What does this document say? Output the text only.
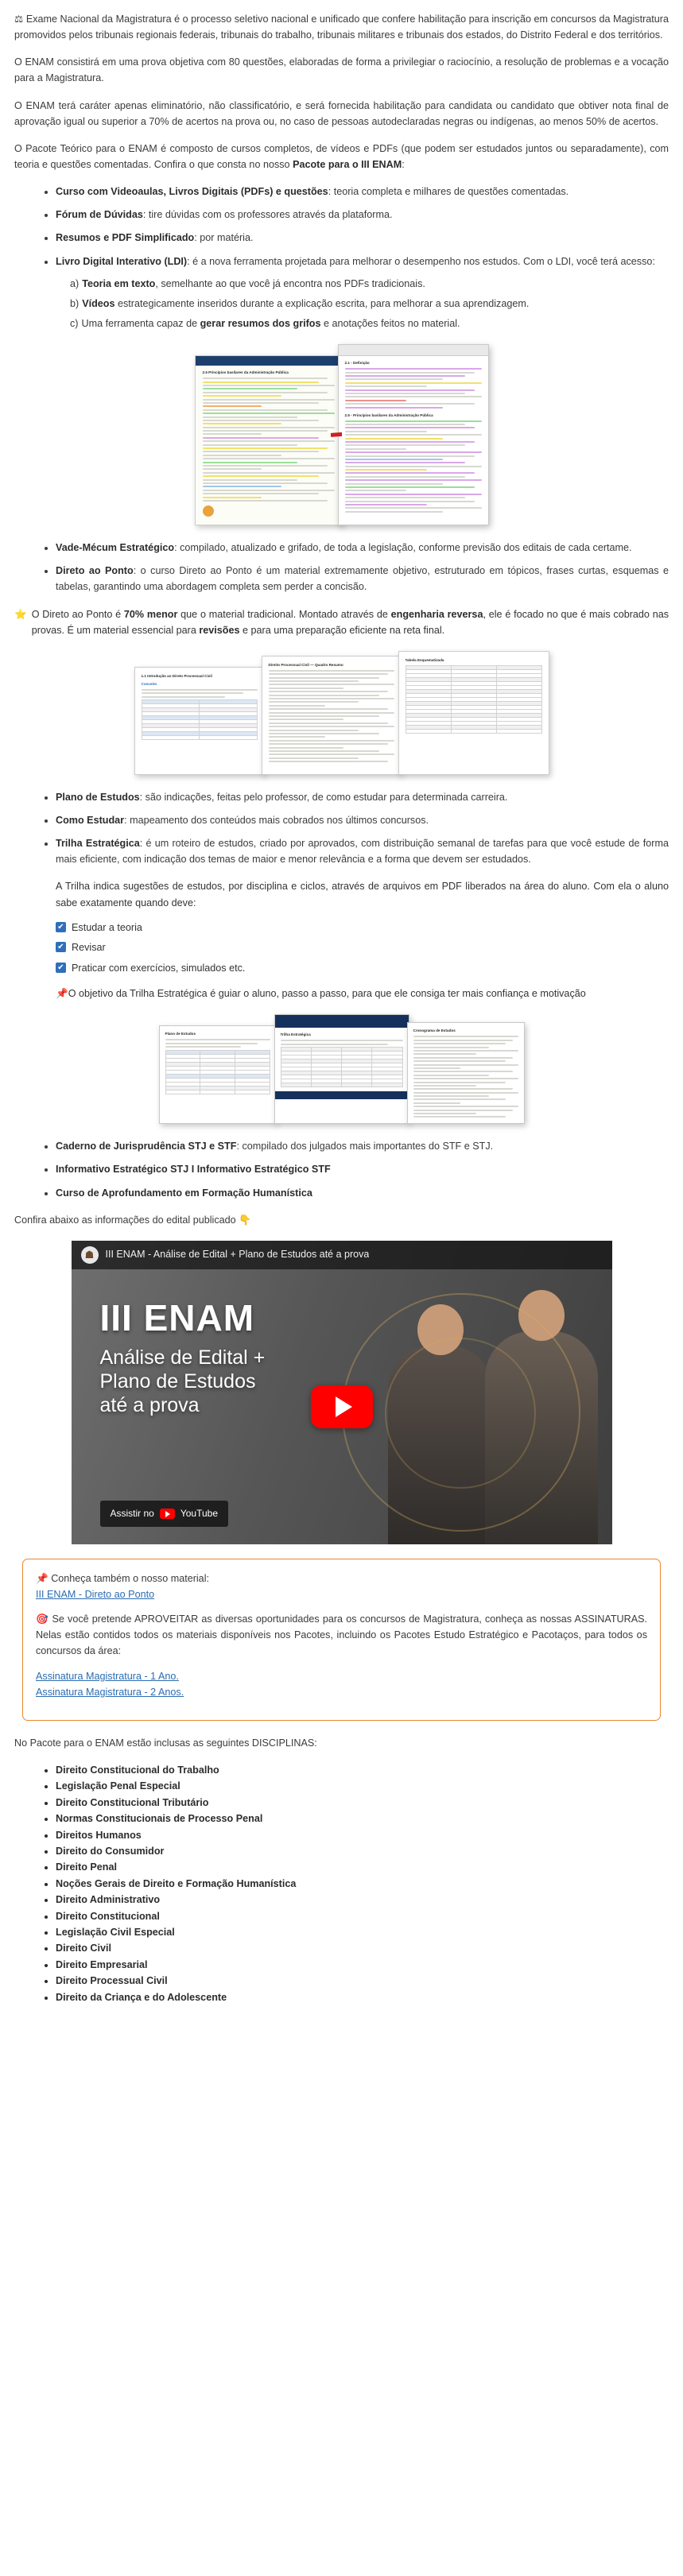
⚖ Exame Nacional da Magistratura é o processo seletivo nacional e unificado que confere habilitação para inscrição em concursos da Magistratura promovidos pelos tribunais regionais federais, tribunais do trabalho, tribunais militares e tribunais dos estados, do Distrito Federal e dos territórios.

O ENAM consistirá em uma prova objetiva com 80 questões, elaboradas de forma a privilegiar o raciocínio, a resolução de problemas e a vocação para a Magistratura.

O ENAM terá caráter apenas eliminatório, não classificatório, e será fornecida habilitação para candidata ou candidato que obtiver nota final de aprovação igual ou superior a 70% de acertos na prova ou, no caso de pessoas autodeclaradas negras ou indígenas, ao menos 50% de acertos.

O Pacote Teórico para o ENAM é composto de cursos completos, de vídeos e PDFs (que podem ser estudados juntos ou separadamente), com teoria e questões comentadas. Confira o que consta no nosso Pacote para o III ENAM:

• Curso com Videoaulas, Livros Digitais (PDFs) e questões: teoria completa e milhares de questões comentadas.
• Fórum de Dúvidas: tire dúvidas com os professores através da plataforma.
• Resumos e PDF Simplificado: por matéria.
• Livro Digital Interativo (LDI): é a nova ferramenta projetada para melhorar o desempenho nos estudos. Com o LDI, você terá acesso:
a) Teoria em texto, semelhante ao que você já encontra nos PDFs tradicionais.
b) Vídeos estrategicamente inseridos durante a explicação escrita, para melhorar a sua aprendizagem.
c) Uma ferramenta capaz de gerar resumos dos grifos e anotações feitos no material.
2.5 Princípios basilares da Administração Pública
2.1 - Definição
2.5 - Princípios basilares da Administração Pública
• Vade-Mécum Estratégico: compilado, atualizado e grifado, de toda a legislação, conforme previsão dos editais de cada certame.
• Direto ao Ponto: o curso Direto ao Ponto é um material extremamente objetivo, estruturado em tópicos, frases curtas, esquemas e tabelas, garantindo uma abordagem completa sem perder a concisão.
⭐ O Direto ao Ponto é 70% menor que o material tradicional. Montado através de engenharia reversa, ele é focado no que é mais cobrado nas provas. É um material essencial para revisões e para uma preparação eficiente na reta final.
1.1 Introdução ao Direto Processual Civil
Conceito

Direito Processual Civil — Quadro Resumo
Tabela Esquematizada

• Plano de Estudos: são indicações, feitas pelo professor, de como estudar para determinada carreira.
• Como Estudar: mapeamento dos conteúdos mais cobrados nos últimos concursos.
• Trilha Estratégica: é um roteiro de estudos, criado por aprovados, com distribuição semanal de tarefas para que você estude de forma mais eficiente, com indicação dos temas de maior e menor relevância e a forma que devem ser estudados.
A Trilha indica sugestões de estudos, por disciplina e ciclos, através de arquivos em PDF liberados na área do aluno. Com ela o aluno sabe exatamente quando deve:
✔ Estudar a teoria
✔ Revisar
✔ Praticar com exercícios, simulados etc.
📌O objetivo da Trilha Estratégica é guiar o aluno, passo a passo, para que ele consiga ter mais confiança e motivação
Plano de Estudos

			Trilha Estratégica

Cronograma de Estudos
• Caderno de Jurisprudência STJ e STF: compilado dos julgados mais importantes do STF e STJ.
• Informativo Estratégico STJ I Informativo Estratégico STF
• Curso de Aprofundamento em Formação Humanística

Confira abaixo as informações do edital publicado 👇

☗	III ENAM - Análise de Edital + Plano de Estudos até a prova
III ENAM
Análise de Edital +
Plano de Estudos
até a prova
Assistir no	YouTube

📌 Conheça também o nosso material:
III ENAM - Direto ao Ponto

🎯 Se você pretende APROVEITAR as diversas oportunidades para os concursos de Magistratura, conheça as nossas ASSINATURAS. Nelas estão contidos todos os materiais disponíveis nos Pacotes, incluindo os Pacotes Estudo Estratégico e Pacotaços, para todos os concursos da área:

Assinatura Magistratura - 1 Ano.
Assinatura Magistratura - 2 Anos.

No Pacote para o ENAM estão inclusas as seguintes DISCIPLINAS:

• Direito Constitucional do Trabalho
• Legislação Penal Especial
• Direito Constitucional Tributário
• Normas Constitucionais de Processo Penal
• Direitos Humanos
• Direito do Consumidor
• Direito Penal
• Noções Gerais de Direito e Formação Humanística
• Direito Administrativo
• Direito Constitucional
• Legislação Civil Especial
• Direito Civil
• Direito Empresarial
• Direito Processual Civil
• Direito da Criança e do Adolescente
